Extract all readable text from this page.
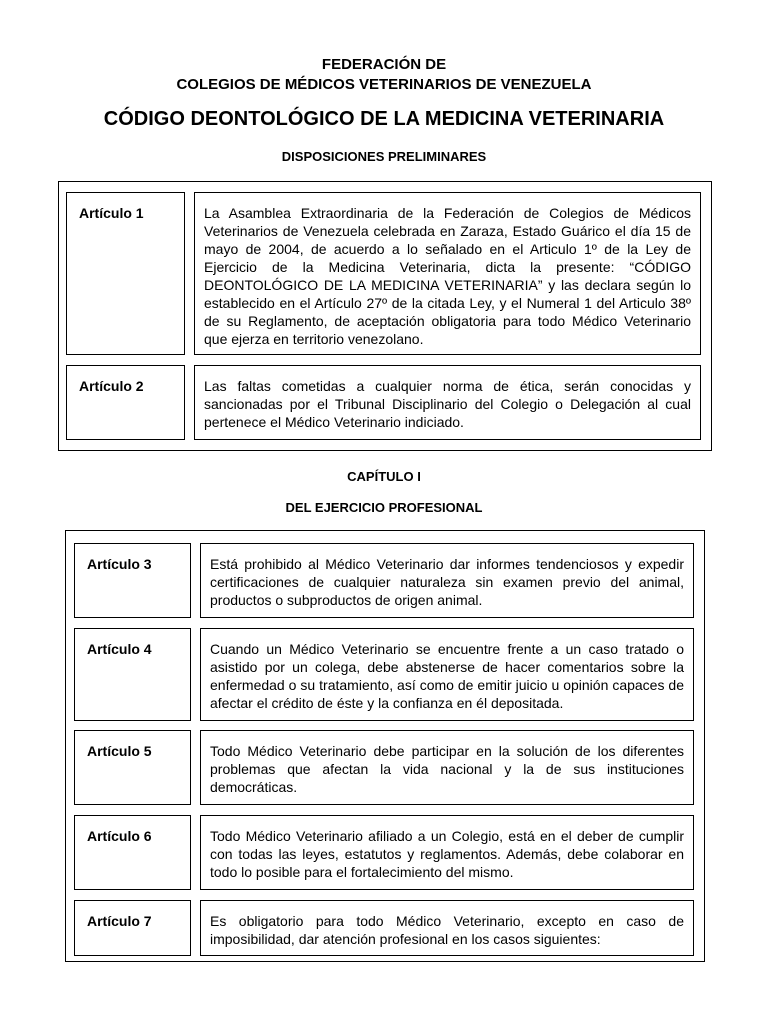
FEDERACIÓN DE
COLEGIOS DE MÉDICOS VETERINARIOS DE VENEZUELA
CÓDIGO DEONTOLÓGICO DE LA MEDICINA VETERINARIA
DISPOSICIONES PRELIMINARES
Artículo 1	La Asamblea Extraordinaria de la Federación de Colegios de Médicos Veterinarios de Venezuela celebrada en Zaraza, Estado Guárico el día 15 de mayo de 2004, de acuerdo a lo señalado en el Articulo 1º de la Ley de Ejercicio de la Medicina Veterinaria, dicta la presente: “CÓDIGO DEONTOLÓGICO DE LA MEDICINA VETERINARIA” y las declara según lo establecido en el Artículo 27º de la citada Ley, y el Numeral 1 del Articulo 38º de su Reglamento, de aceptación obligatoria para todo Médico Veterinario que ejerza en territorio venezolano.
Artículo 2	Las faltas cometidas a cualquier norma de ética, serán conocidas y sancionadas por el Tribunal Disciplinario del Colegio o Delegación al cual pertenece el Médico Veterinario indiciado.
CAPÍTULO I
DEL EJERCICIO PROFESIONAL
Artículo 3	Está prohibido al Médico Veterinario dar informes tendenciosos y expedir certificaciones de cualquier naturaleza sin examen previo del animal, productos o subproductos de origen animal.
Artículo 4	Cuando un Médico Veterinario se encuentre frente a un caso tratado o asistido por un colega, debe abstenerse de hacer comentarios sobre la enfermedad o su tratamiento, así como de emitir juicio u opinión capaces de afectar el crédito de éste y la confianza en él depositada.
Artículo 5	Todo Médico Veterinario debe participar en la solución de los diferentes problemas que afectan la vida nacional y la de sus instituciones democráticas.
Artículo 6	Todo Médico Veterinario afiliado a un Colegio, está en el deber de cumplir con todas las leyes, estatutos y reglamentos. Además, debe colaborar en todo lo posible para el fortalecimiento del mismo.
Artículo 7	Es obligatorio para todo Médico Veterinario, excepto en caso de imposibilidad, dar atención profesional en los casos siguientes:
